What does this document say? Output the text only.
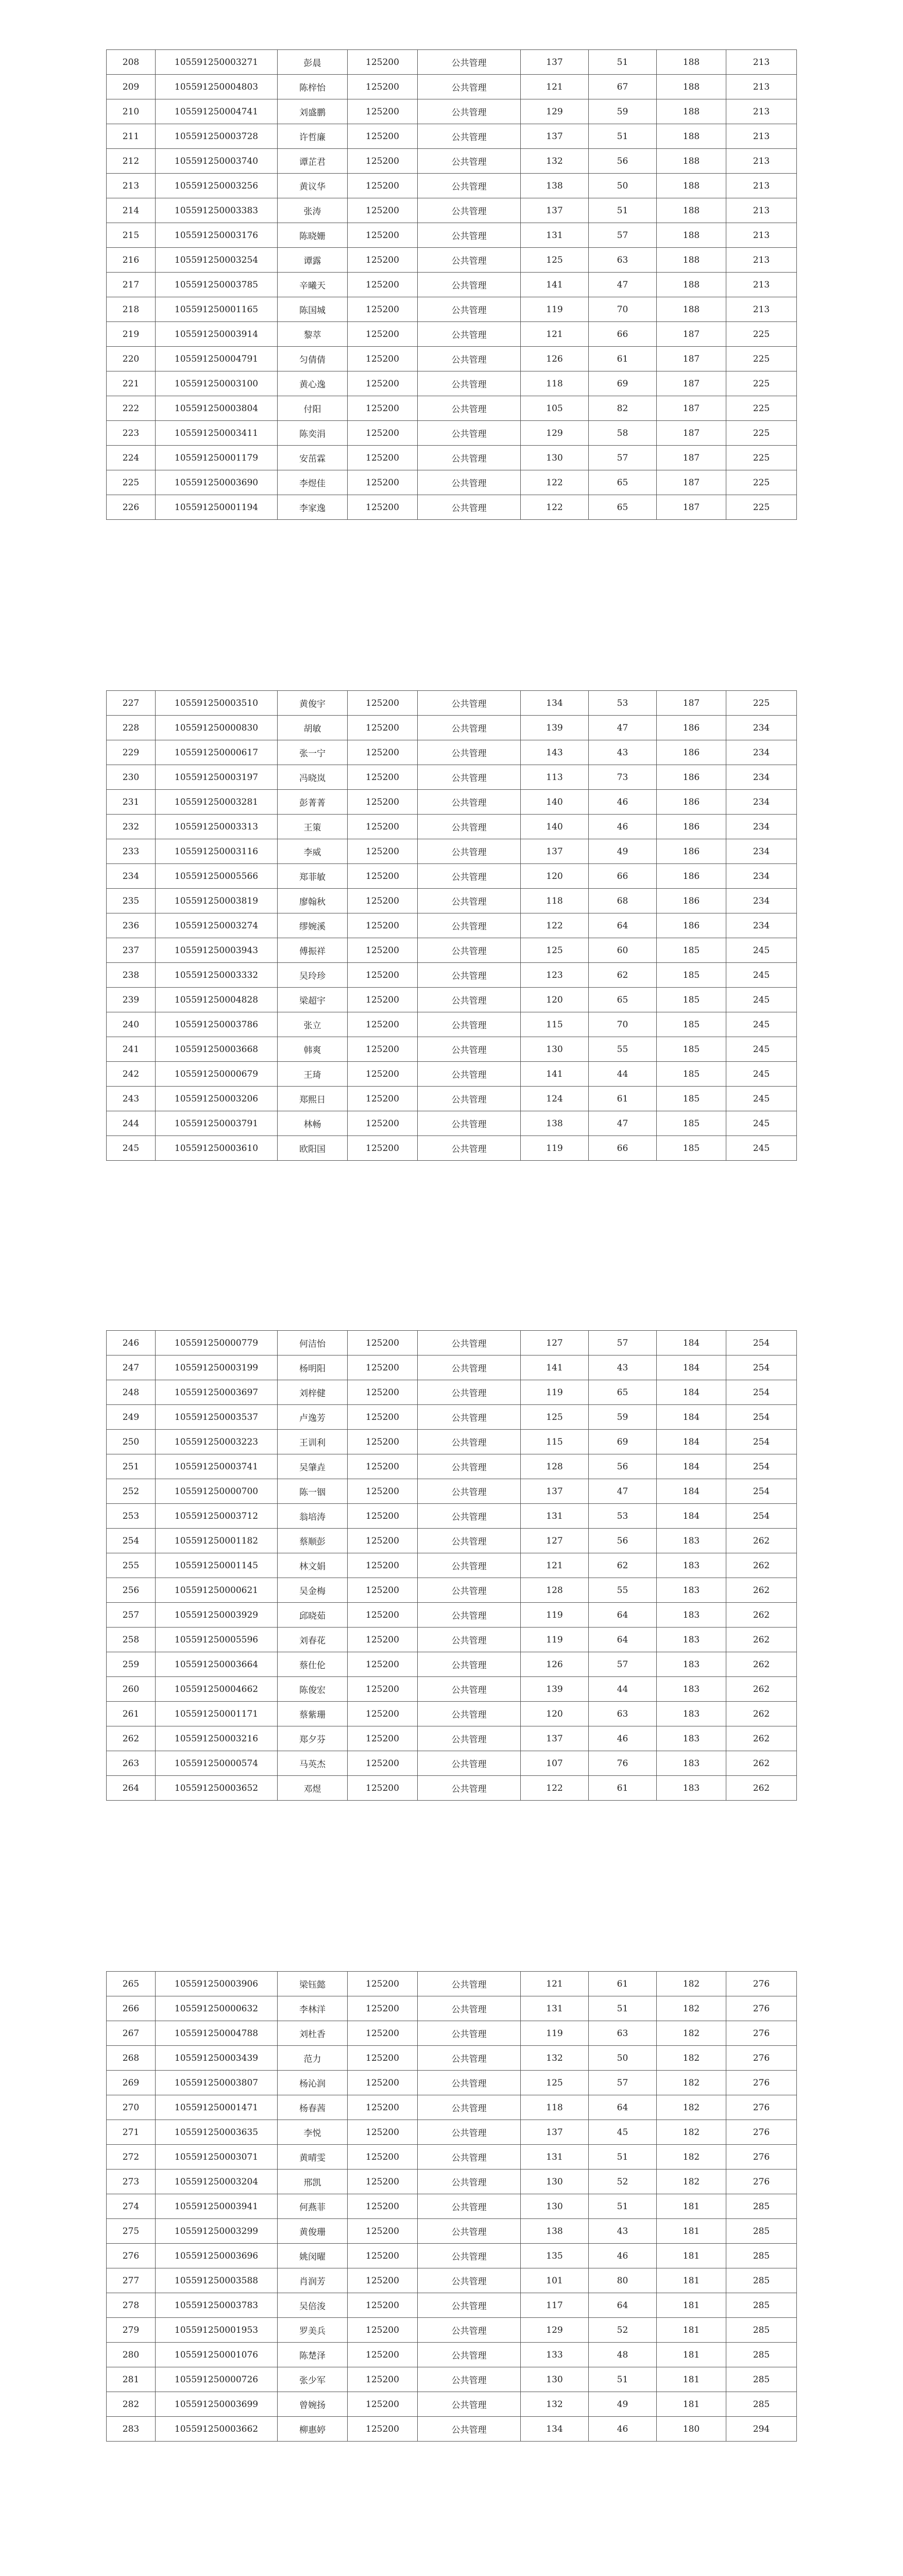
208	105591250003271	彭晨	125200	公共管理	137	51	188	213
209	105591250004803	陈梓怡	125200	公共管理	121	67	188	213
210	105591250004741	刘盛鹏	125200	公共管理	129	59	188	213
211	105591250003728	许哲廉	125200	公共管理	137	51	188	213
212	105591250003740	谭芷君	125200	公共管理	132	56	188	213
213	105591250003256	黄议华	125200	公共管理	138	50	188	213
214	105591250003383	张涛	125200	公共管理	137	51	188	213
215	105591250003176	陈晓姗	125200	公共管理	131	57	188	213
216	105591250003254	谭露	125200	公共管理	125	63	188	213
217	105591250003785	辛曦天	125200	公共管理	141	47	188	213
218	105591250001165	陈国城	125200	公共管理	119	70	188	213
219	105591250003914	黎萃	125200	公共管理	121	66	187	225
220	105591250004791	匀倩倩	125200	公共管理	126	61	187	225
221	105591250003100	黄心逸	125200	公共管理	118	69	187	225
222	105591250003804	付阳	125200	公共管理	105	82	187	225
223	105591250003411	陈奕涓	125200	公共管理	129	58	187	225
224	105591250001179	安茁霖	125200	公共管理	130	57	187	225
225	105591250003690	李煜佳	125200	公共管理	122	65	187	225
226	105591250001194	李家逸	125200	公共管理	122	65	187	225
227	105591250003510	黄俊宇	125200	公共管理	134	53	187	225
228	105591250000830	胡敏	125200	公共管理	139	47	186	234
229	105591250000617	张一宁	125200	公共管理	143	43	186	234
230	105591250003197	冯晓岚	125200	公共管理	113	73	186	234
231	105591250003281	彭菁菁	125200	公共管理	140	46	186	234
232	105591250003313	王策	125200	公共管理	140	46	186	234
233	105591250003116	李威	125200	公共管理	137	49	186	234
234	105591250005566	郑菲敏	125200	公共管理	120	66	186	234
235	105591250003819	廖翰秋	125200	公共管理	118	68	186	234
236	105591250003274	缪婉溪	125200	公共管理	122	64	186	234
237	105591250003943	傅振祥	125200	公共管理	125	60	185	245
238	105591250003332	吴玲珍	125200	公共管理	123	62	185	245
239	105591250004828	梁超宇	125200	公共管理	120	65	185	245
240	105591250003786	张立	125200	公共管理	115	70	185	245
241	105591250003668	韩爽	125200	公共管理	130	55	185	245
242	105591250000679	王琦	125200	公共管理	141	44	185	245
243	105591250003206	郑熙日	125200	公共管理	124	61	185	245
244	105591250003791	林畅	125200	公共管理	138	47	185	245
245	105591250003610	欧阳国	125200	公共管理	119	66	185	245
246	105591250000779	何洁怡	125200	公共管理	127	57	184	254
247	105591250003199	杨明阳	125200	公共管理	141	43	184	254
248	105591250003697	刘梓健	125200	公共管理	119	65	184	254
249	105591250003537	卢逸芳	125200	公共管理	125	59	184	254
250	105591250003223	王训利	125200	公共管理	115	69	184	254
251	105591250003741	吴肇垚	125200	公共管理	128	56	184	254
252	105591250000700	陈一铟	125200	公共管理	137	47	184	254
253	105591250003712	翁培涛	125200	公共管理	131	53	184	254
254	105591250001182	蔡顺彭	125200	公共管理	127	56	183	262
255	105591250001145	林文娟	125200	公共管理	121	62	183	262
256	105591250000621	吴金梅	125200	公共管理	128	55	183	262
257	105591250003929	邱晓茹	125200	公共管理	119	64	183	262
258	105591250005596	刘春花	125200	公共管理	119	64	183	262
259	105591250003664	蔡仕伦	125200	公共管理	126	57	183	262
260	105591250004662	陈俊宏	125200	公共管理	139	44	183	262
261	105591250001171	蔡紫珊	125200	公共管理	120	63	183	262
262	105591250003216	郑夕芬	125200	公共管理	137	46	183	262
263	105591250000574	马英杰	125200	公共管理	107	76	183	262
264	105591250003652	邓煜	125200	公共管理	122	61	183	262
265	105591250003906	梁钰懿	125200	公共管理	121	61	182	276
266	105591250000632	李林洋	125200	公共管理	131	51	182	276
267	105591250004788	刘杜香	125200	公共管理	119	63	182	276
268	105591250003439	范力	125200	公共管理	132	50	182	276
269	105591250003807	杨沁润	125200	公共管理	125	57	182	276
270	105591250001471	杨春茜	125200	公共管理	118	64	182	276
271	105591250003635	李悦	125200	公共管理	137	45	182	276
272	105591250003071	黄晴雯	125200	公共管理	131	51	182	276
273	105591250003204	邢凯	125200	公共管理	130	52	182	276
274	105591250003941	何燕菲	125200	公共管理	130	51	181	285
275	105591250003299	黄俊珊	125200	公共管理	138	43	181	285
276	105591250003696	姚闵曜	125200	公共管理	135	46	181	285
277	105591250003588	肖润芳	125200	公共管理	101	80	181	285
278	105591250003783	吴倍浚	125200	公共管理	117	64	181	285
279	105591250001953	罗美兵	125200	公共管理	129	52	181	285
280	105591250001076	陈楚泽	125200	公共管理	133	48	181	285
281	105591250000726	张少军	125200	公共管理	130	51	181	285
282	105591250003699	曾婉扬	125200	公共管理	132	49	181	285
283	105591250003662	柳惠婷	125200	公共管理	134	46	180	294
